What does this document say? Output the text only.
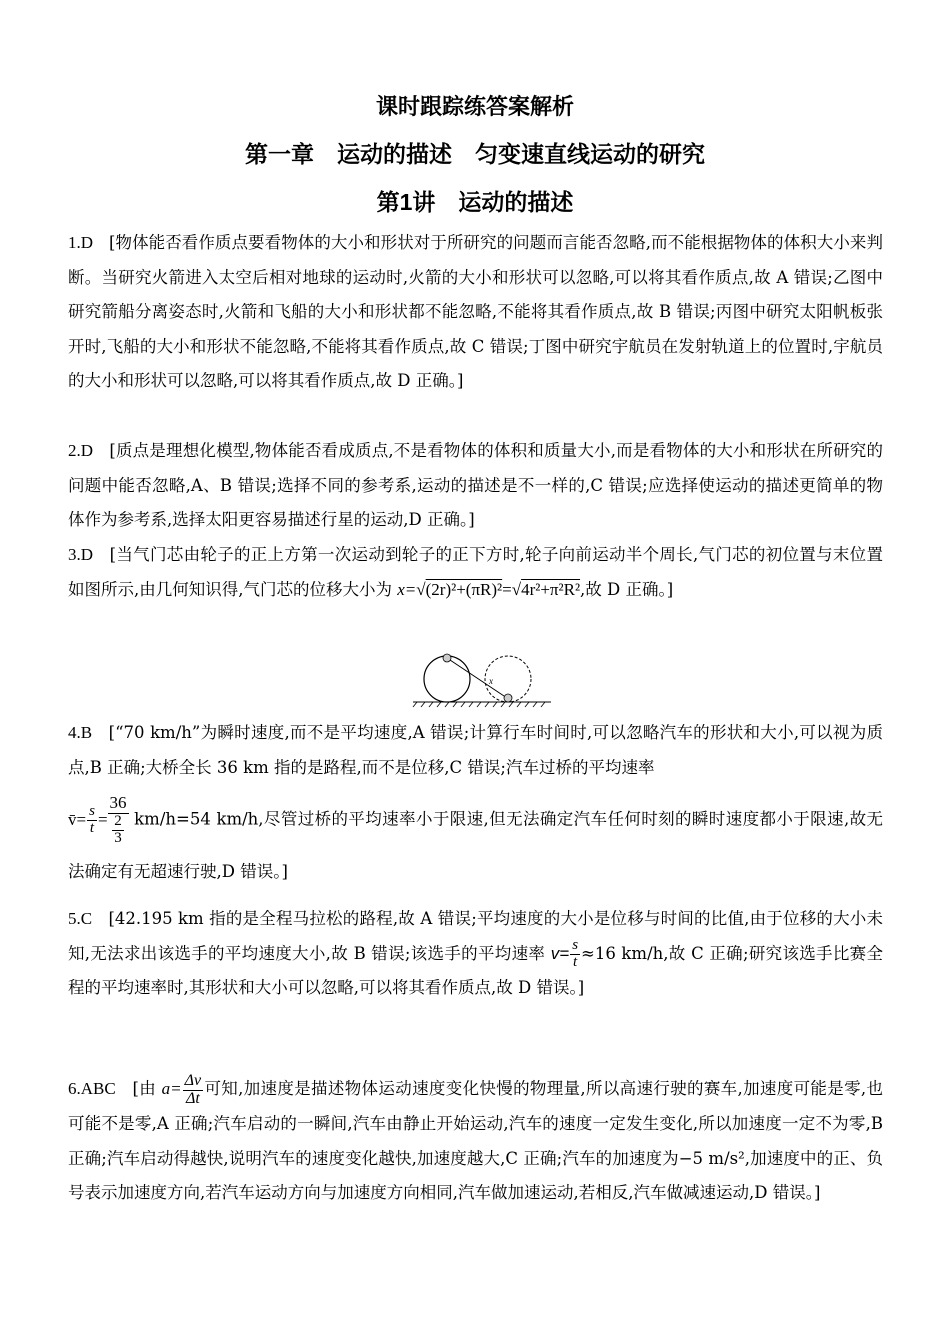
课时跟踪练答案解析
第一章　运动的描述　匀变速直线运动的研究
第1讲　运动的描述
1.D [物体能否看作质点要看物体的大小和形状对于所研究的问题而言能否忽略,而不能根据物体的体积大小来判断。当研究火箭进入太空后相对地球的运动时,火箭的大小和形状可以忽略,可以将其看作质点,故 A 错误;乙图中研究箭船分离姿态时,火箭和飞船的大小和形状都不能忽略,不能将其看作质点,故 B 错误;丙图中研究太阳帆板张开时,飞船的大小和形状不能忽略,不能将其看作质点,故 C 错误;丁图中研究宇航员在发射轨道上的位置时,宇航员的大小和形状可以忽略,可以将其看作质点,故 D 正确。]
2.D [质点是理想化模型,物体能否看成质点,不是看物体的体积和质量大小,而是看物体的大小和形状在所研究的问题中能否忽略,A、B 错误;选择不同的参考系,运动的描述是不一样的,C 错误;应选择使运动的描述更简单的物体作为参考系,选择太阳更容易描述行星的运动,D 正确。]
3.D [当气门芯由轮子的正上方第一次运动到轮子的正下方时,轮子向前运动半个周长,气门芯的初位置与末位置如图所示,由几何知识得,气门芯的位移大小为 x=√(2r)²+(πR)²=√4r²+π²R²,故 D 正确。]
x
4.B [“70 km/h”为瞬时速度,而不是平均速度,A 错误;计算行车时间时,可以忽略汽车的形状和大小,可以视为质点,B 正确;大桥全长 36 km 指的是路程,而不是位移,C 错误;汽车过桥的平均速率
v̄= $\frac{s}{t} = \frac{36}{\frac{2}{3}} km/h=54$ km/h,尽管过桥的平均速率小于限速,但无法确定汽车任何时刻的瞬时速度都小于限速,故无法确定有无超速行驶,D 错误。]
5.C [42.195 km 指的是全程马拉松的路程,故 A 错误;平均速度的大小是位移与时间的比值,由于位移的大小未知,无法求出该选手的平均速度大小,故 B 错误;该选手的平均速率 $v= \frac{s}{t} \approx 16$ km/h,故 C 正确;研究该选手比赛全程的平均速率时,其形状和大小可以忽略,可以将其看作质点,故 D 错误。]
6.ABC [由 $a= \frac{\Delta v}{\Delta t}$ 可知,加速度是描述物体运动速度变化快慢的物理量,所以高速行驶的赛车,加速度可能是零,也可能不是零,A 正确;汽车启动的一瞬间,汽车由静止开始运动,汽车的速度一定发生变化,所以加速度一定不为零,B 正确;汽车启动得越快,说明汽车的速度变化越快,加速度越大,C 正确;汽车的加速度为−5 m/s²,加速度中的正、负号表示加速度方向,若汽车运动方向与加速度方向相同,汽车做加速运动,若相反,汽车做减速运动,D 错误。]
